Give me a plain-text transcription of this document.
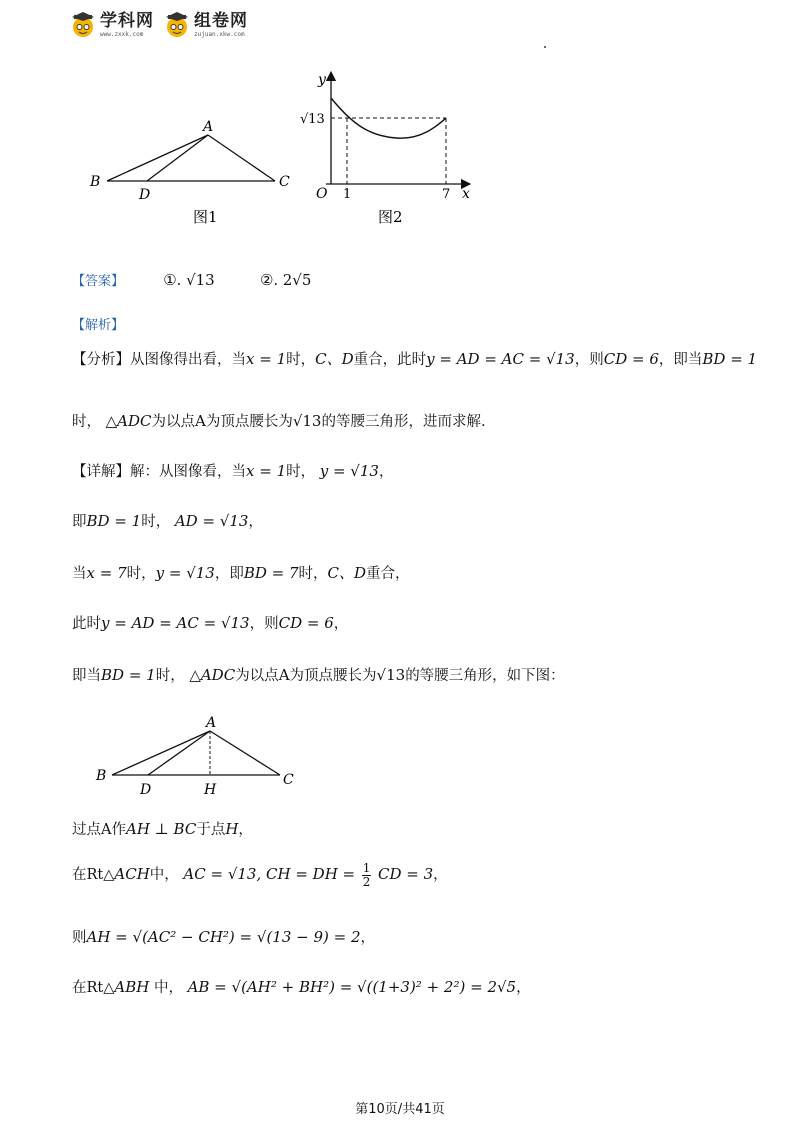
学科网
www.zxxk.com
组卷网
zujuan.xkw.com
A
B	C
D
图1
y
x
O
√13
1	7
图2
【答案】	①. √13	②. 2√5
【解析】
【分析】从图像得出看，当x = 1时，C、D重合，此时y = AD = AC = √13，则CD = 6，即当BD = 1
时， △ADC为以点A为顶点腰长为√13的等腰三角形，进而求解.
【详解】解：从图像看，当x = 1时， y = √13，
即BD = 1时， AD = √13，
当x = 7时，y = √13，即BD = 7时，C、D重合，
此时y = AD = AC = √13，则CD = 6，
即当BD = 1时， △ADC为以点A为顶点腰长为√13的等腰三角形，如下图：
A
B	C
D	H
过点A作AH ⊥ BC于点H，
在Rt△ACH中， AC = √13, CH = DH = $\frac{1}{2}$ CD = 3，
则AH = √(AC² − CH²) = √(13 − 9) = 2，
在Rt△ABH 中， AB = √(AH² + BH²) = √((1+3)² + 2²) = 2√5，
第10页/共41页
